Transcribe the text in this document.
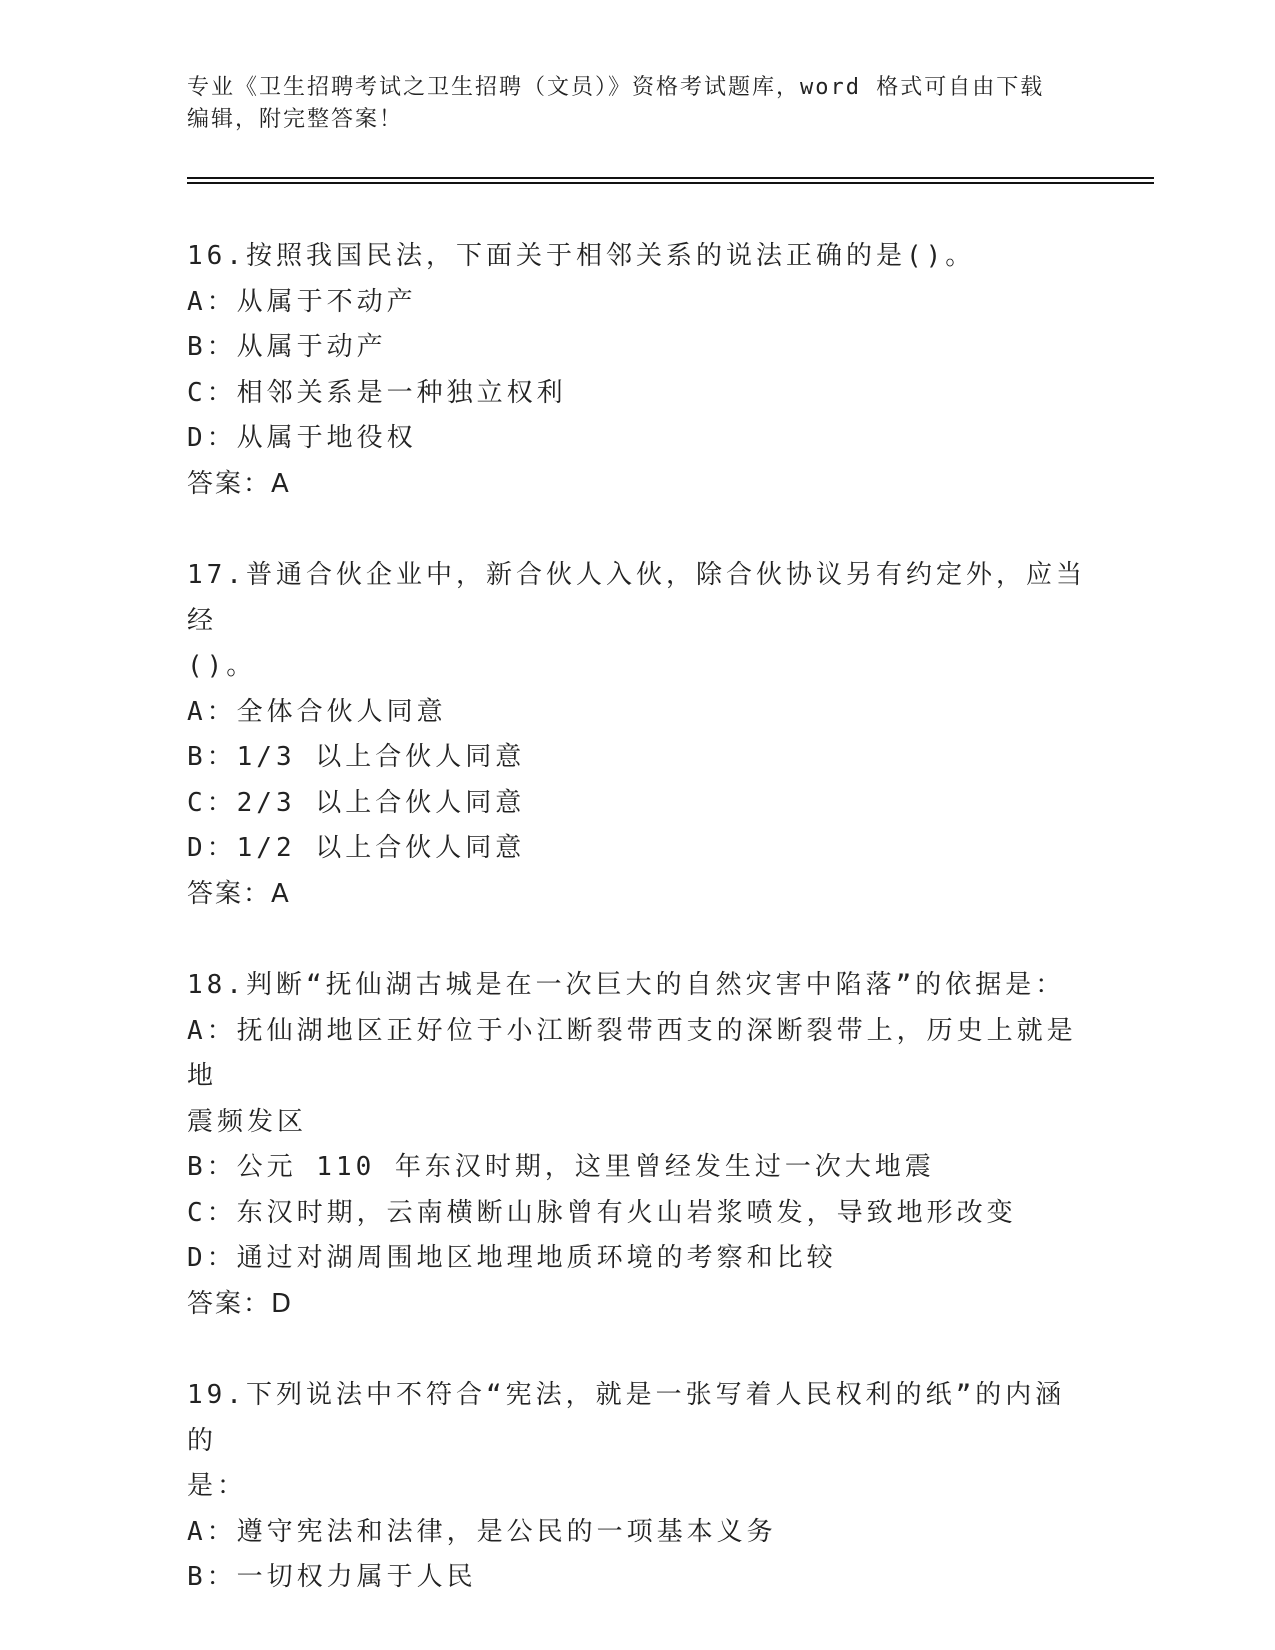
专业《卫生招聘考试之卫生招聘（文员）》资格考试题库，word 格式可自由下载
编辑，附完整答案！
16.按照我国民法，下面关于相邻关系的说法正确的是()。
A：从属于不动产
B：从属于动产
C：相邻关系是一种独立权利
D：从属于地役权
答案：A
17.普通合伙企业中，新合伙人入伙，除合伙协议另有约定外，应当经
()。
A：全体合伙人同意
B：1/3 以上合伙人同意
C：2/3 以上合伙人同意
D：1/2 以上合伙人同意
答案：A
18.判断“抚仙湖古城是在一次巨大的自然灾害中陷落”的依据是：
A：抚仙湖地区正好位于小江断裂带西支的深断裂带上，历史上就是地
震频发区
B：公元 110 年东汉时期，这里曾经发生过一次大地震
C：东汉时期，云南横断山脉曾有火山岩浆喷发，导致地形改变
D：通过对湖周围地区地理地质环境的考察和比较
答案：D
19.下列说法中不符合“宪法，就是一张写着人民权利的纸”的内涵的
是：
A：遵守宪法和法律，是公民的一项基本义务
B：一切权力属于人民
